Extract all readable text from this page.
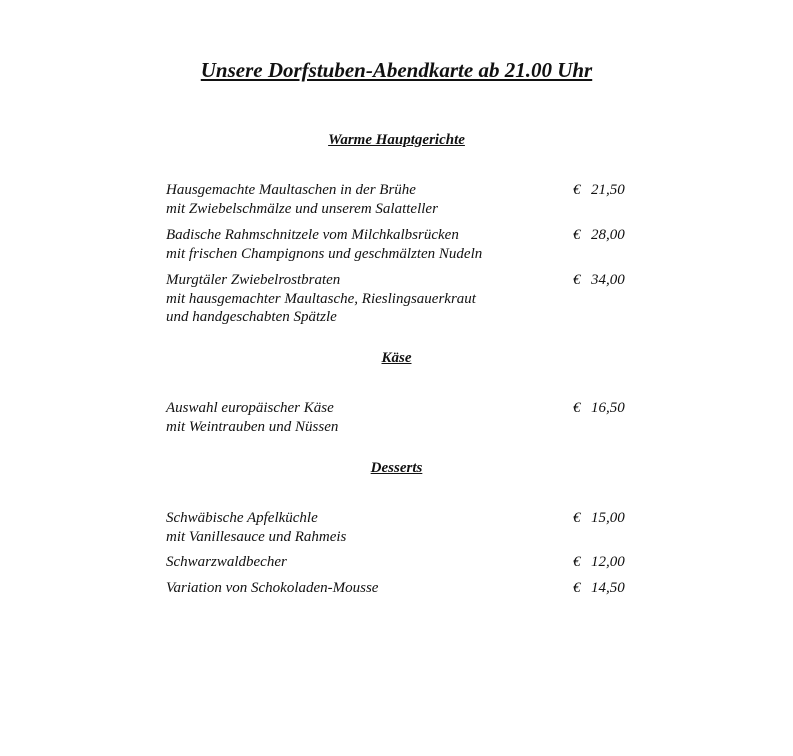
Unsere Dorfstuben-Abendkarte ab 21.00 Uhr
Warme Hauptgerichte
Hausgemachte Maultaschen in der Brühe
mit Zwiebelschmälze und unserem Salatteller
€ 21,50
Badische Rahmschnitzele vom Milchkalbsrücken
mit frischen Champignons und geschmälzten Nudeln
€ 28,00
Murgtäler Zwiebelrostbraten
mit hausgemachter Maultasche, Rieslingsauerkraut
und handgeschabten Spätzle
€ 34,00
Käse
Auswahl europäischer Käse
mit Weintrauben und Nüssen
€ 16,50
Desserts
Schwäbische Apfelküchle
mit Vanillesauce und Rahmeis
€ 15,00
Schwarzwaldbecher	€ 12,00
Variation von Schokoladen-Mousse	€ 14,50
